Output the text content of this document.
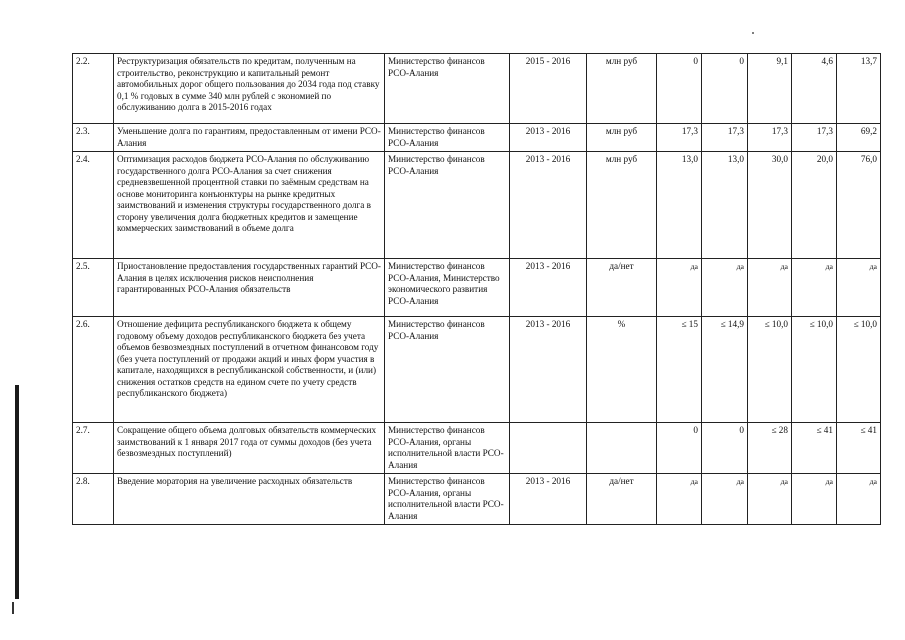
2.2.	Реструктуризация обязательств по кредитам, полученным на строительство, реконструкцию и капитальный ремонт автомобильных дорог общего пользования до 2034 года под ставку 0,1 % годовых в сумме 340 млн рублей с экономией по обслуживанию долга в 2015-2016 годах	Министерство финансов РСО-Алания	2015 - 2016	млн руб	0	0	9,1	4,6	13,7
2.3.	Уменьшение долга по гарантиям, предоставленным от имени РСО-Алания	Министерство финансов РСО-Алания	2013 - 2016	млн руб	17,3	17,3	17,3	17,3	69,2
2.4.	Оптимизация расходов бюджета РСО-Алания по обслуживанию государственного долга РСО-Алания за счет снижения средневзвешенной процентной ставки по заёмным средствам на основе мониторинга конъюнктуры на рынке кредитных заимствований и изменения структуры государственного долга в сторону увеличения долга бюджетных кредитов и замещение коммерческих заимствований в объеме долга	Министерство финансов РСО-Алания	2013 - 2016	млн руб	13,0	13,0	30,0	20,0	76,0
2.5.	Приостановление предоставления государственных гарантий РСО-Алания в целях исключения рисков неисполнения гарантированных РСО-Алания обязательств	Министерство финансов РСО-Алания, Министерство экономического развития РСО-Алания	2013 - 2016	да/нет	да	да	да	да	да
2.6.	Отношение дефицита республиканского бюджета к общему годовому объему доходов республиканского бюджета без учета объемов безвозмездных поступлений в отчетном финансовом году (без учета поступлений от продажи акций и иных форм участия в капитале, находящихся в республиканской собственности, и (или) снижения остатков средств на едином счете по учету средств республиканского бюджета)	Министерство финансов РСО-Алания	2013 - 2016	%	≤ 15	≤ 14,9	≤ 10,0	≤ 10,0	≤ 10,0
2.7.	Сокращение общего объема долговых обязательств коммерческих заимствований к 1 января 2017 года от суммы доходов (без учета безвозмездных поступлений)	Министерство финансов РСО-Алания, органы исполнительной власти РСО-Алания			0	0	≤ 28	≤ 41	≤ 41
2.8.	Введение моратория на увеличение расходных обязательств	Министерство финансов РСО-Алания, органы исполнительной власти РСО-Алания	2013 - 2016	да/нет	да	да	да	да	да
